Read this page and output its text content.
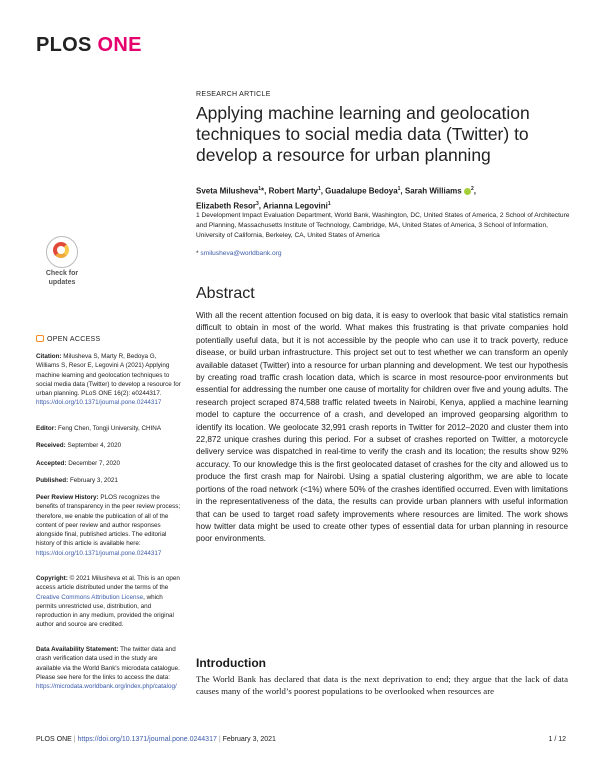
PLOS ONE
RESEARCH ARTICLE
Applying machine learning and geolocation techniques to social media data (Twitter) to develop a resource for urban planning
Sveta Milusheva$^1$*, Robert Marty$^1$, Guadalupe Bedoya$^1$, Sarah Williams $^2$,
Elizabeth Resor$^3$, Arianna Legovini$^1$
1 Development Impact Evaluation Department, World Bank, Washington, DC, United States of America, 2 School of Architecture and Planning, Massachusetts Institute of Technology, Cambridge, MA, United States of America, 3 School of Information, University of California, Berkeley, CA, United States of America
* smilusheva@worldbank.org
Check for
updates
OPEN ACCESS
Citation: Milusheva S, Marty R, Bedoya G, Williams S, Resor E, Legovini A (2021) Applying machine learning and geolocation techniques to social media data (Twitter) to develop a resource for urban planning. PLoS ONE 16(2): e0244317. https://doi.org/10.1371/journal.pone.0244317
Editor: Feng Chen, Tongji University, CHINA
Received: September 4, 2020
Accepted: December 7, 2020
Published: February 3, 2021
Peer Review History: PLOS recognizes the benefits of transparency in the peer review process; therefore, we enable the publication of all of the content of peer review and author responses alongside final, published articles. The editorial history of this article is available here: https://doi.org/10.1371/journal.pone.0244317
Copyright: © 2021 Milusheva et al. This is an open access article distributed under the terms of the Creative Commons Attribution License, which permits unrestricted use, distribution, and reproduction in any medium, provided the original author and source are credited.
Data Availability Statement: The twitter data and crash verification data used in the study are available via the World Bank's microdata catalogue. Please see here for the links to access the data: https://microdata.worldbank.org/index.php/catalog/
Abstract
With all the recent attention focused on big data, it is easy to overlook that basic vital statistics remain difficult to obtain in most of the world. What makes this frustrating is that private companies hold potentially useful data, but it is not accessible by the people who can use it to track poverty, reduce disease, or build urban infrastructure. This project set out to test whether we can transform an openly available dataset (Twitter) into a resource for urban planning and development. We test our hypothesis by creating road traffic crash location data, which is scarce in most resource-poor environments but essential for addressing the number one cause of mortality for children over five and young adults. The research project scraped 874,588 traffic related tweets in Nairobi, Kenya, applied a machine learning model to capture the occurrence of a crash, and developed an improved geoparsing algorithm to identify its location. We geolocate 32,991 crash reports in Twitter for 2012–2020 and cluster them into 22,872 unique crashes during this period. For a subset of crashes reported on Twitter, a motorcycle delivery service was dispatched in real-time to verify the crash and its location; the results show 92% accuracy. To our knowledge this is the first geolocated dataset of crashes for the city and allowed us to produce the first crash map for Nairobi. Using a spatial clustering algorithm, we are able to locate portions of the road network (<1%) where 50% of the crashes identified occurred. Even with limitations in the representativeness of the data, the results can provide urban planners with useful information that can be used to target road safety improvements where resources are limited. The work shows how twitter data might be used to create other types of essential data for urban planning in resource poor environments.
Introduction
The World Bank has declared that data is the next deprivation to end; they argue that the lack of data causes many of the world’s poorest populations to be overlooked when resources are
PLOS ONE | https://doi.org/10.1371/journal.pone.0244317 | February 3, 2021	1 / 12
